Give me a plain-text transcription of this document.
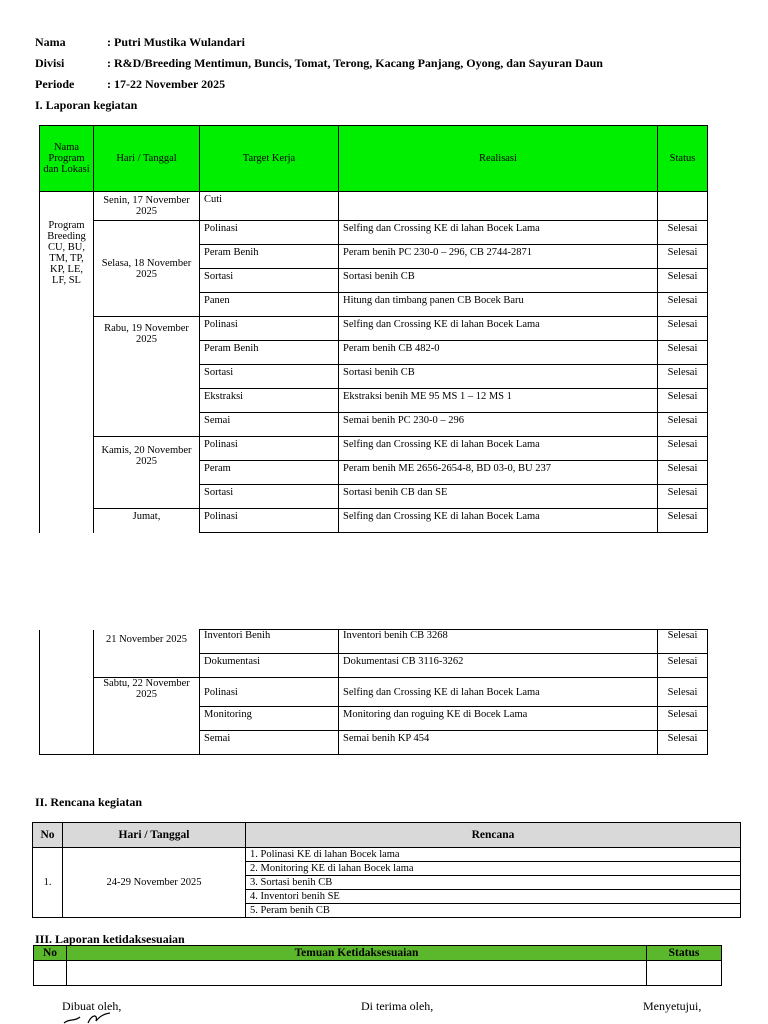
Nama	: Putri Mustika Wulandari
Divisi	: R&D/Breeding Mentimun, Buncis, Tomat, Terong, Kacang Panjang, Oyong, dan Sayuran Daun
Periode	: 17-22 November 2025
I. Laporan kegiatan
Nama Program dan Lokasi	Hari / Tanggal	Target Kerja	Realisasi	Status
Program Breeding CU, BU, TM, TP, KP, LE, LF, SL	Senin, 17 November 2025	Cuti		
	Selasa, 18 November 2025	Polinasi	Selfing dan Crossing KE di lahan Bocek Lama	Selesai
		Peram Benih	Peram benih PC 230-0 – 296, CB 2744-2871	Selesai
		Sortasi	Sortasi benih CB	Selesai
		Panen	Hitung dan timbang panen CB Bocek Baru	Selesai
	Rabu, 19 November 2025	Polinasi	Selfing dan Crossing KE di lahan Bocek Lama	Selesai
		Peram Benih	Peram benih CB 482-0	Selesai
		Sortasi	Sortasi benih CB	Selesai
		Ekstraksi	Ekstraksi benih ME 95 MS 1 – 12 MS 1	Selesai
		Semai	Semai benih PC 230-0 – 296	Selesai
	Kamis, 20 November 2025	Polinasi	Selfing dan Crossing KE di lahan Bocek Lama	Selesai
		Peram	Peram benih ME 2656-2654-8, BD 03-0, BU 237	Selesai
		Sortasi	Sortasi benih CB dan SE	Selesai
	Jumat,	Polinasi	Selfing dan Crossing KE di lahan Bocek Lama	Selesai
	21 November 2025	Inventori Benih	Inventori benih CB 3268	Selesai
		Dokumentasi	Dokumentasi CB 3116-3262	Selesai
	Sabtu, 22 November 2025	Polinasi	Selfing dan Crossing KE di lahan Bocek Lama	Selesai
		Monitoring	Monitoring dan roguing KE di Bocek Lama	Selesai
		Semai	Semai benih KP 454	Selesai
II. Rencana kegiatan
No	Hari / Tanggal	Rencana
1.	24-29 November 2025	1. Polinasi KE di lahan Bocek lama
		2. Monitoring KE di lahan Bocek lama
		3. Sortasi benih CB
		4. Inventori benih SE
		5. Peram benih CB
III. Laporan ketidaksesuaian
No	Temuan Ketidaksesuaian	Status

Dibuat oleh,	Di terima oleh,	Menyetujui,
